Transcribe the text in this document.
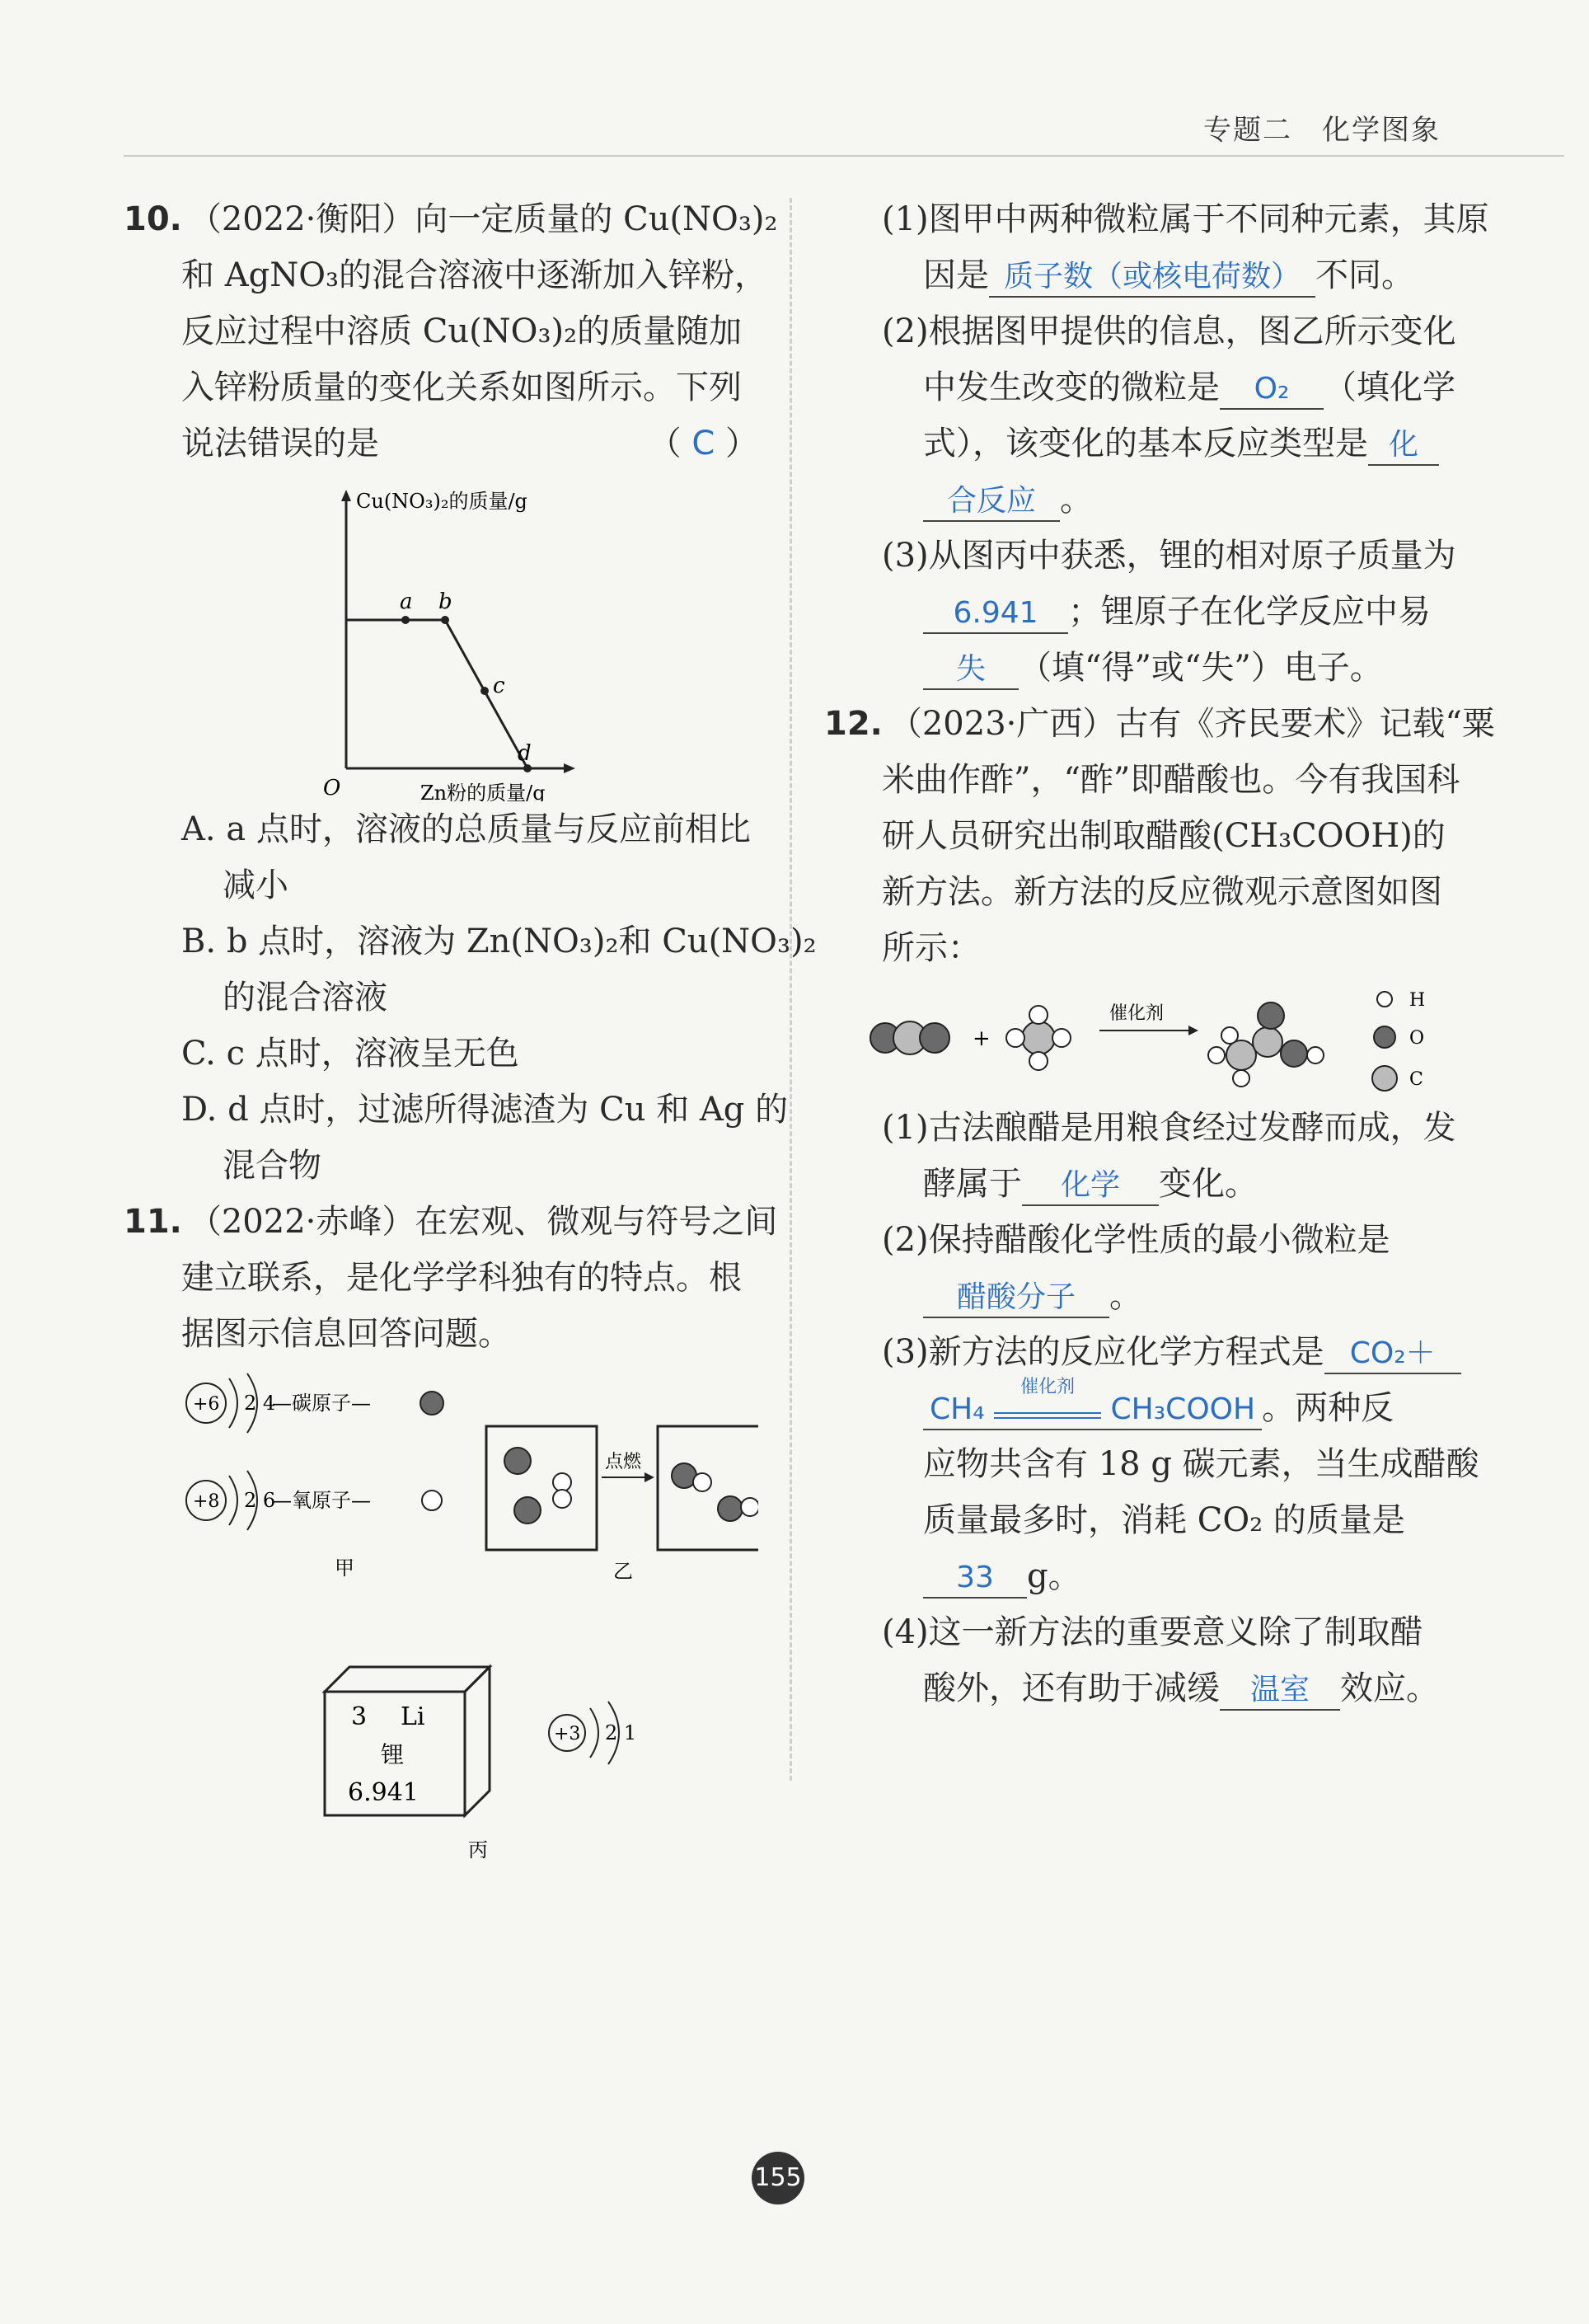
专题二　化学图象
10. （2022·衡阳）向一定质量的 Cu(NO₃)₂
和 AgNO₃的混合溶液中逐渐加入锌粉，
反应过程中溶质 Cu(NO₃)₂的质量随加
入锌粉质量的变化关系如图所示。下列
说法错误的是	（ C ）
a b
c
d
Cu(NO₃)₂的质量/g
Zn粉的质量/g
O
A. a 点时，溶液的总质量与反应前相比
减小
B. b 点时，溶液为 Zn(NO₃)₂和 Cu(NO₃)₂
的混合溶液
C. c 点时，溶液呈无色
D. d 点时，过滤所得滤渣为 Cu 和 Ag 的
混合物
11. （2022·赤峰）在宏观、微观与符号之间
建立联系，是化学学科独有的特点。根
据图示信息回答问题。
+6 2 4
—碳原子—
+8 2 6
—氧原子—
甲
点燃
乙
3 Li
锂
6.941
+3 2 1
丙
(1)图甲中两种微粒属于不同种元素，其原
因是 质子数（或核电荷数） 不同。
(2)根据图甲提供的信息，图乙所示变化
中发生改变的微粒是 O₂ （填化学
式），该变化的基本反应类型是 化
合反应 。
(3)从图丙中获悉，锂的相对原子质量为
6.941 ；锂原子在化学反应中易
失 （填“得”或“失”）电子。
12. （2023·广西）古有《齐民要术》记载“粟
米曲作酢”，“酢”即醋酸也。今有我国科
研人员研究出制取醋酸(CH₃COOH)的
新方法。新方法的反应微观示意图如图
所示：
+
催化剂
H
O
C
(1)古法酿醋是用粮食经过发酵而成，发
酵属于 化学 变化。
(2)保持醋酸化学性质的最小微粒是
醋酸分子 。
(3)新方法的反应化学方程式是 CO₂＋
CH₄
催化剂
CH₃COOH 。两种反
应物共含有 18 g 碳元素，当生成醋酸
质量最多时，消耗 CO₂ 的质量是
33 g。
(4)这一新方法的重要意义除了制取醋
酸外，还有助于减缓 温室 效应。
155
